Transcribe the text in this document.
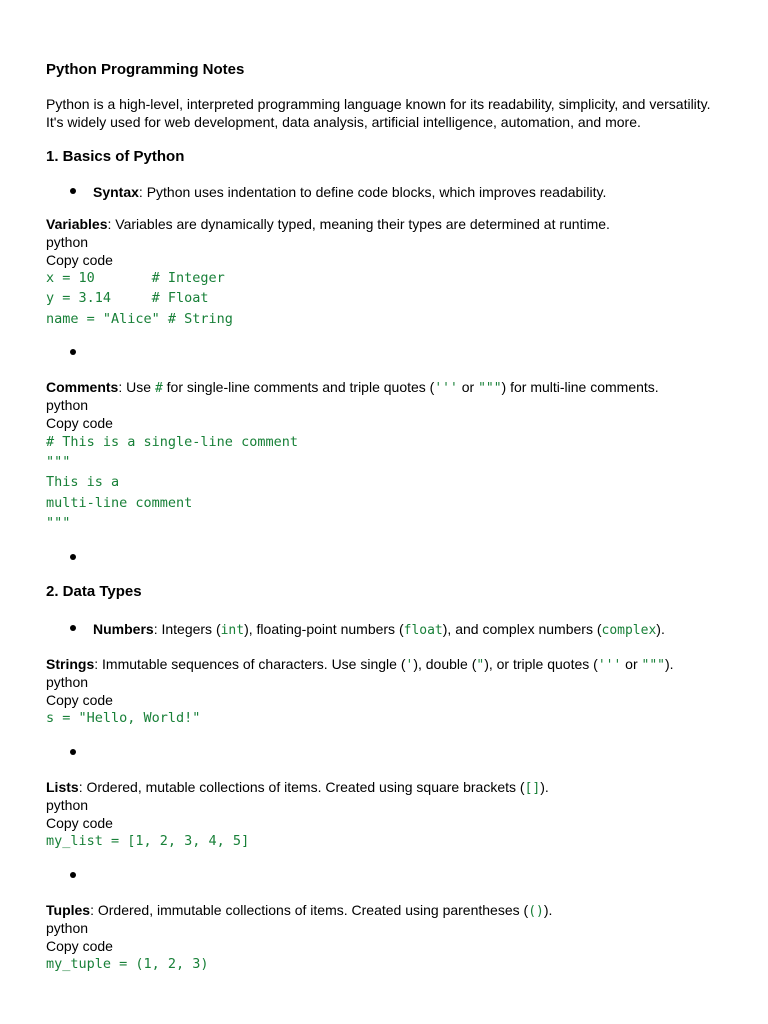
Python Programming Notes
Python is a high-level, interpreted programming language known for its readability, simplicity, and versatility.
It's widely used for web development, data analysis, artificial intelligence, automation, and more.
1. Basics of Python
Syntax: Python uses indentation to define code blocks, which improves readability.
Variables: Variables are dynamically typed, meaning their types are determined at runtime.
python
Copy code
x = 10       # Integer
y = 3.14     # Float
name = "Alice" # String
Comments: Use # for single-line comments and triple quotes (''' or """) for multi-line comments.
python
Copy code
# This is a single-line comment
"""
This is a
multi-line comment
"""
2. Data Types
Numbers: Integers (int), floating-point numbers (float), and complex numbers (complex).
Strings: Immutable sequences of characters. Use single ('), double ("), or triple quotes (''' or """).
python
Copy code
s = "Hello, World!"
Lists: Ordered, mutable collections of items. Created using square brackets ([]).
python
Copy code
my_list = [1, 2, 3, 4, 5]
Tuples: Ordered, immutable collections of items. Created using parentheses (()).
python
Copy code
my_tuple = (1, 2, 3)
